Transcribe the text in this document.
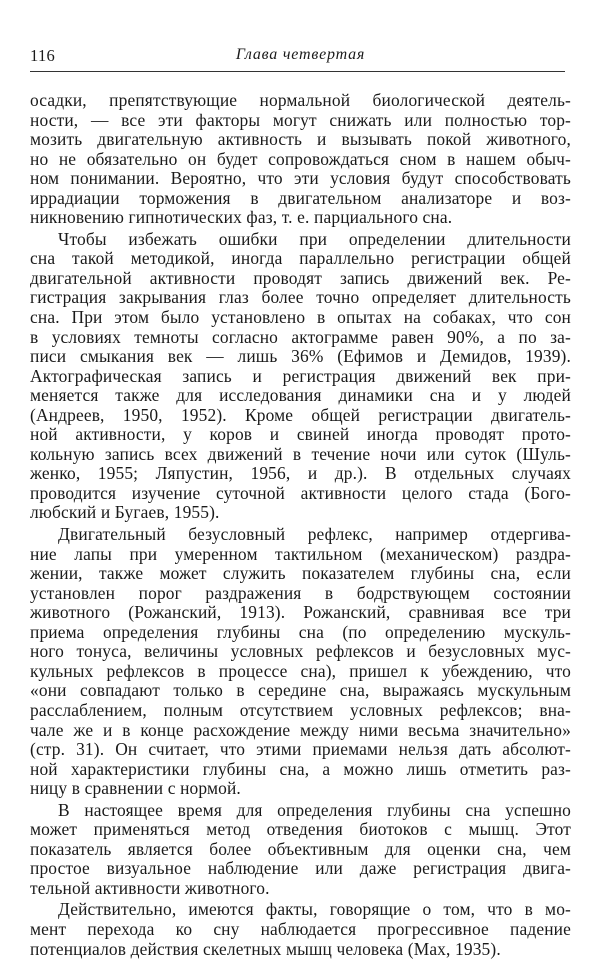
116	Глава четвертая
осадки, препятствующие нормальной биологической деятель-
ности, — все эти факторы могут снижать или полностью тор-
мозить двигательную активность и вызывать покой животного,
но не обязательно он будет сопровождаться сном в нашем обыч-
ном понимании. Вероятно, что эти условия будут способствовать
иррадиации торможения в двигательном анализаторе и воз-
никновению гипнотических фаз, т. е. парциального сна.
Чтобы избежать ошибки при определении длительности
сна такой методикой, иногда параллельно регистрации общей
двигательной активности проводят запись движений век. Ре-
гистрация закрывания глаз более точно определяет длительность
сна. При этом было установлено в опытах на собаках, что сон
в условиях темноты согласно актограмме равен 90%, а по за-
писи смыкания век — лишь 36% (Ефимов и Демидов, 1939).
Актографическая запись и регистрация движений век при-
меняется также для исследования динамики сна и у людей
(Андреев, 1950, 1952). Кроме общей регистрации двигатель-
ной активности, у коров и свиней иногда проводят прото-
кольную запись всех движений в течение ночи или суток (Шуль-
женко, 1955; Ляпустин, 1956, и др.). В отдельных случаях
проводится изучение суточной активности целого стада (Бого-
любский и Бугаев, 1955).
Двигательный безусловный рефлекс, например отдергива-
ние лапы при умеренном тактильном (механическом) раздра-
жении, также может служить показателем глубины сна, если
установлен порог раздражения в бодрствующем состоянии
животного (Рожанский, 1913). Рожанский, сравнивая все три
приема определения глубины сна (по определению мускуль-
ного тонуса, величины условных рефлексов и безусловных мус-
кульных рефлексов в процессе сна), пришел к убеждению, что
«они совпадают только в середине сна, выражаясь мускульным
расслаблением, полным отсутствием условных рефлексов; вна-
чале же и в конце расхождение между ними весьма значительно»
(стр. 31). Он считает, что этими приемами нельзя дать абсолют-
ной характеристики глубины сна, а можно лишь отметить раз-
ницу в сравнении с нормой.
В настоящее время для определения глубины сна успешно
может применяться метод отведения биотоков с мышц. Этот
показатель является более объективным для оценки сна, чем
простое визуальное наблюдение или даже регистрация двига-
тельной активности животного.
Действительно, имеются факты, говорящие о том, что в мо-
мент перехода ко сну наблюдается прогрессивное падение
потенциалов действия скелетных мышц человека (Max, 1935).
